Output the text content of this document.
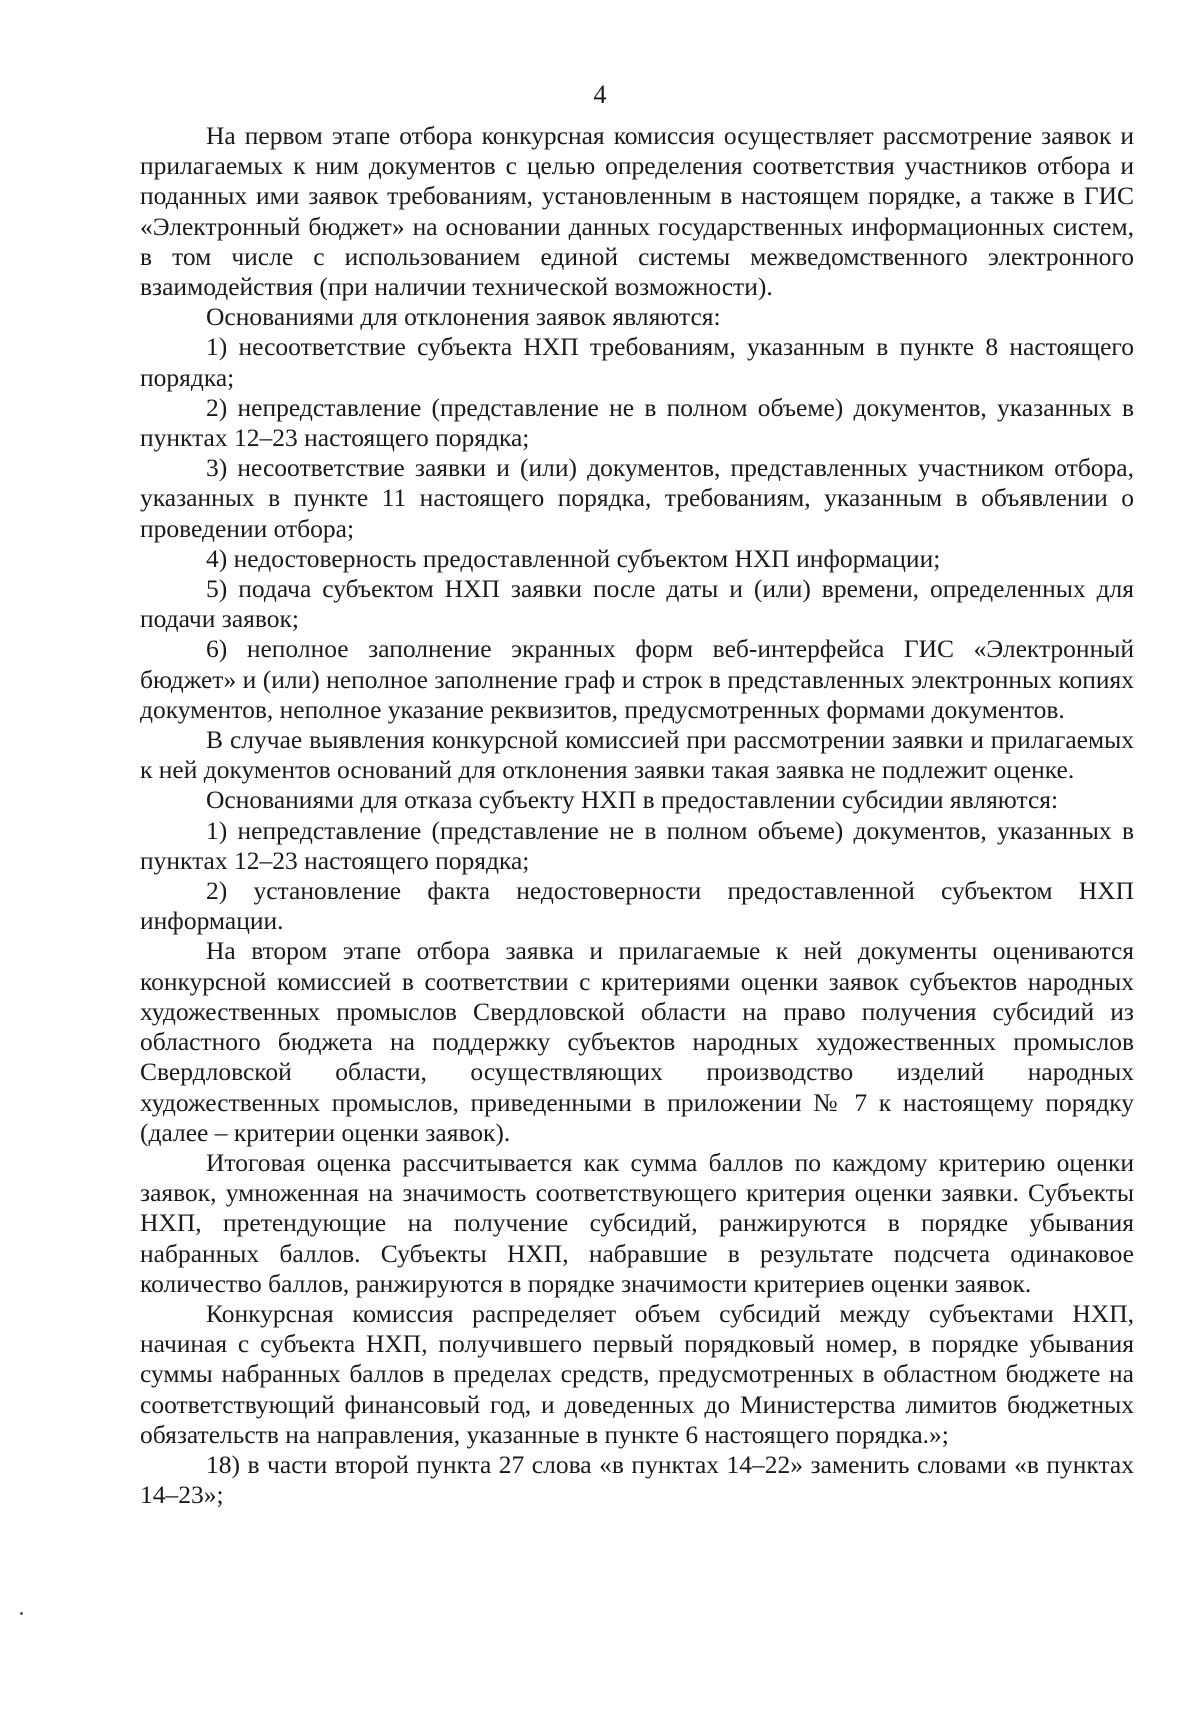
4

На первом этапе отбора конкурсная комиссия осуществляет рассмотрение заявок и прилагаемых к ним документов с целью определения соответствия участников отбора и поданных ими заявок требованиям, установленным в настоящем порядке, а также в ГИС «Электронный бюджет» на основании данных государственных информационных систем, в том числе с использованием единой системы межведомственного электронного взаимодействия (при наличии технической возможности).

Основаниями для отклонения заявок являются:

1) несоответствие субъекта НХП требованиям, указанным в пункте 8 настоящего порядка;

2) непредставление (представление не в полном объеме) документов, указанных в пунктах 12–23 настоящего порядка;

3) несоответствие заявки и (или) документов, представленных участником отбора, указанных в пункте 11 настоящего порядка, требованиям, указанным в объявлении о проведении отбора;

4) недостоверность предоставленной субъектом НХП информации;

5) подача субъектом НХП заявки после даты и (или) времени, определенных для подачи заявок;

6) неполное заполнение экранных форм веб-интерфейса ГИС «Электронный бюджет» и (или) неполное заполнение граф и строк в представленных электронных копиях документов, неполное указание реквизитов, предусмотренных формами документов.

В случае выявления конкурсной комиссией при рассмотрении заявки и прилагаемых к ней документов оснований для отклонения заявки такая заявка не подлежит оценке.

Основаниями для отказа субъекту НХП в предоставлении субсидии являются:

1) непредставление (представление не в полном объеме) документов, указанных в пунктах 12–23 настоящего порядка;

2) установление факта недостоверности предоставленной субъектом НХП информации.

На втором этапе отбора заявка и прилагаемые к ней документы оцениваются конкурсной комиссией в соответствии с критериями оценки заявок субъектов народных художественных промыслов Свердловской области на право получения субсидий из областного бюджета на поддержку субъектов народных художественных промыслов Свердловской области, осуществляющих производство изделий народных художественных промыслов, приведенными в приложении № 7 к настоящему порядку (далее – критерии оценки заявок).

Итоговая оценка рассчитывается как сумма баллов по каждому критерию оценки заявок, умноженная на значимость соответствующего критерия оценки заявки. Субъекты НХП, претендующие на получение субсидий, ранжируются в порядке убывания набранных баллов. Субъекты НХП, набравшие в результате подсчета одинаковое количество баллов, ранжируются в порядке значимости критериев оценки заявок.

Конкурсная комиссия распределяет объем субсидий между субъектами НХП, начиная с субъекта НХП, получившего первый порядковый номер, в порядке убывания суммы набранных баллов в пределах средств, предусмотренных в областном бюджете на соответствующий финансовый год, и доведенных до Министерства лимитов бюджетных обязательств на направления, указанные в пункте 6 настоящего порядка.»;

18) в части второй пункта 27 слова «в пунктах 14–22» заменить словами «в пунктах 14–23»;
